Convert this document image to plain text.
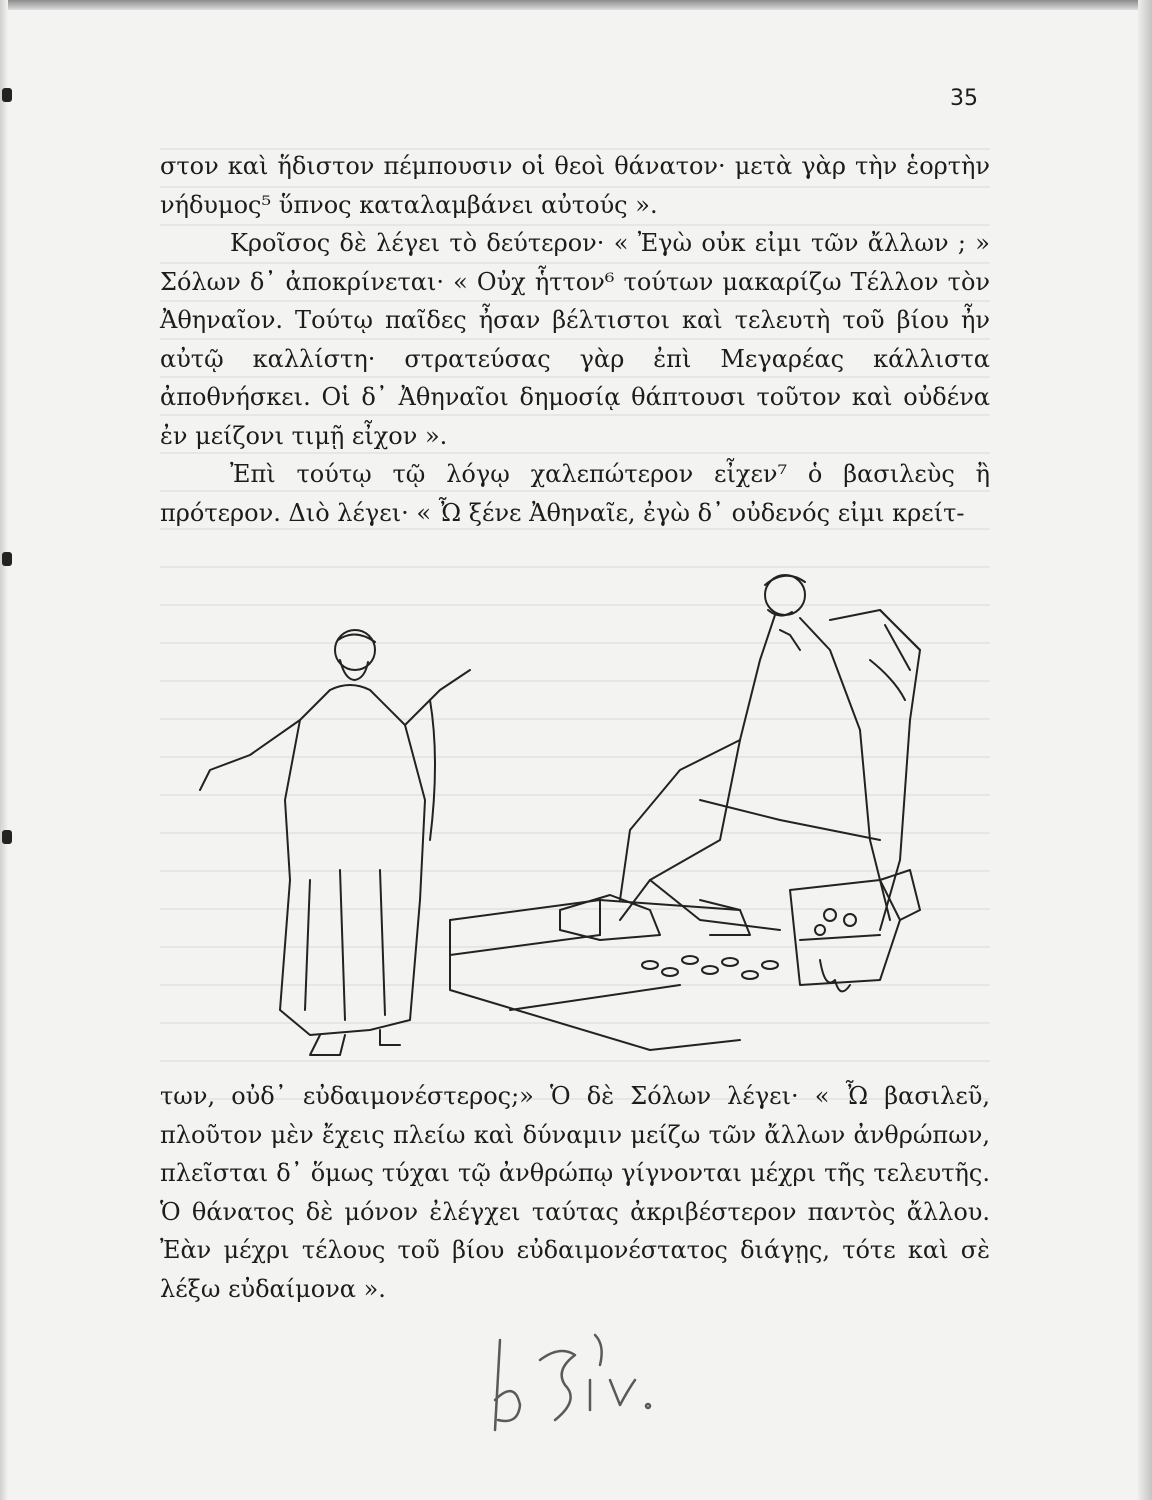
35

στον καὶ ἥδιστον πέμπουσιν οἱ θεοὶ θάνατον· μετὰ γὰρ τὴν ἑορτὴν νήδυμος⁵ ὕπνος καταλαμβάνει αὐτούς ».

Κροῖσος δὲ λέγει τὸ δεύτερον· « Ἐγὼ οὐκ εἰμι τῶν ἄλλων ; » Σόλων δ᾽ ἀποκρίνεται· « Οὐχ ἧττον⁶ τούτων μακαρίζω Τέλλον τὸν Ἀθηναῖον. Τούτῳ παῖδες ἦσαν βέλτιστοι καὶ τελευτὴ τοῦ βίου ἦν αὐτῷ καλλίστη· στρατεύσας γὰρ ἐπὶ Μεγαρέας κάλλιστα ἀποθνήσκει. Οἱ δ᾽ Ἀθηναῖοι δημοσίᾳ θάπτουσι τοῦτον καὶ οὐδένα ἐν μείζονι τιμῇ εἶχον ».

Ἐπὶ τούτῳ τῷ λόγῳ χαλεπώτερον εἶχεν⁷ ὁ βασιλεὺς ἢ πρότερον. Διὸ λέγει· « Ὦ ξένε Ἀθηναῖε, ἐγὼ δ᾽ οὐδενός εἰμι κρείτ-

των, οὐδ᾽ εὐδαιμονέστερος;» Ὁ δὲ Σόλων λέγει· « Ὦ βασιλεῦ, πλοῦτον μὲν ἔχεις πλείω καὶ δύναμιν μείζω τῶν ἄλλων ἀνθρώπων, πλεῖσται δ᾽ ὅμως τύχαι τῷ ἀνθρώπῳ γίγνονται μέχρι τῆς τελευτῆς. Ὁ θάνατος δὲ μόνον ἐλέγχει ταύτας ἀκριβέστερον παντὸς ἄλλου. Ἐὰν μέχρι τέλους τοῦ βίου εὐδαιμονέστατος διάγῃς, τότε καὶ σὲ λέξω εὐδαίμονα ».
